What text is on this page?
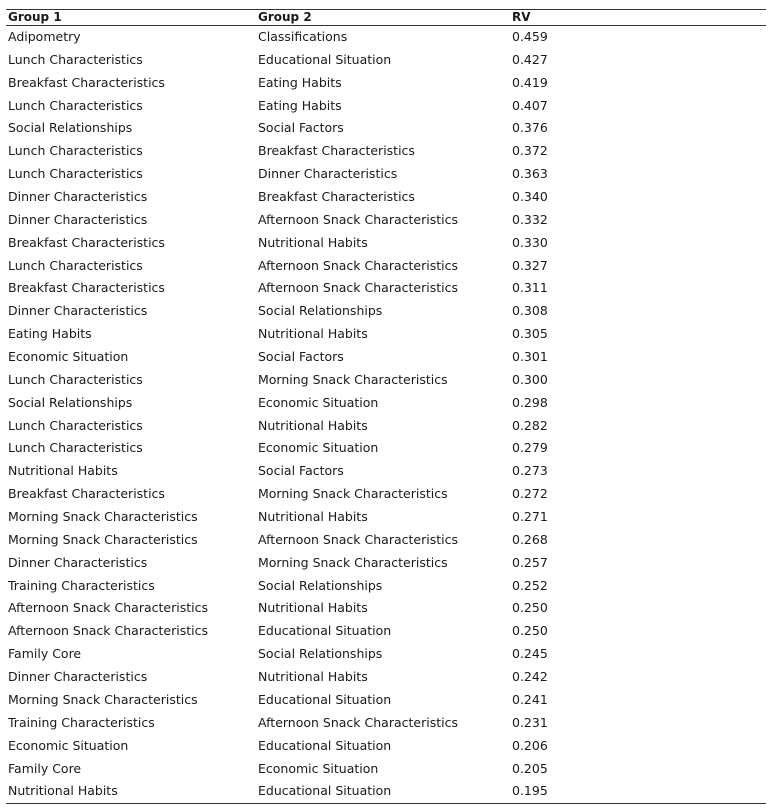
Group 1	Group 2	RV
Adipometry	Classifications	0.459
Lunch Characteristics	Educational Situation	0.427
Breakfast Characteristics	Eating Habits	0.419
Lunch Characteristics	Eating Habits	0.407
Social Relationships	Social Factors	0.376
Lunch Characteristics	Breakfast Characteristics	0.372
Lunch Characteristics	Dinner Characteristics	0.363
Dinner Characteristics	Breakfast Characteristics	0.340
Dinner Characteristics	Afternoon Snack Characteristics	0.332
Breakfast Characteristics	Nutritional Habits	0.330
Lunch Characteristics	Afternoon Snack Characteristics	0.327
Breakfast Characteristics	Afternoon Snack Characteristics	0.311
Dinner Characteristics	Social Relationships	0.308
Eating Habits	Nutritional Habits	0.305
Economic Situation	Social Factors	0.301
Lunch Characteristics	Morning Snack Characteristics	0.300
Social Relationships	Economic Situation	0.298
Lunch Characteristics	Nutritional Habits	0.282
Lunch Characteristics	Economic Situation	0.279
Nutritional Habits	Social Factors	0.273
Breakfast Characteristics	Morning Snack Characteristics	0.272
Morning Snack Characteristics	Nutritional Habits	0.271
Morning Snack Characteristics	Afternoon Snack Characteristics	0.268
Dinner Characteristics	Morning Snack Characteristics	0.257
Training Characteristics	Social Relationships	0.252
Afternoon Snack Characteristics	Nutritional Habits	0.250
Afternoon Snack Characteristics	Educational Situation	0.250
Family Core	Social Relationships	0.245
Dinner Characteristics	Nutritional Habits	0.242
Morning Snack Characteristics	Educational Situation	0.241
Training Characteristics	Afternoon Snack Characteristics	0.231
Economic Situation	Educational Situation	0.206
Family Core	Economic Situation	0.205
Nutritional Habits	Educational Situation	0.195
